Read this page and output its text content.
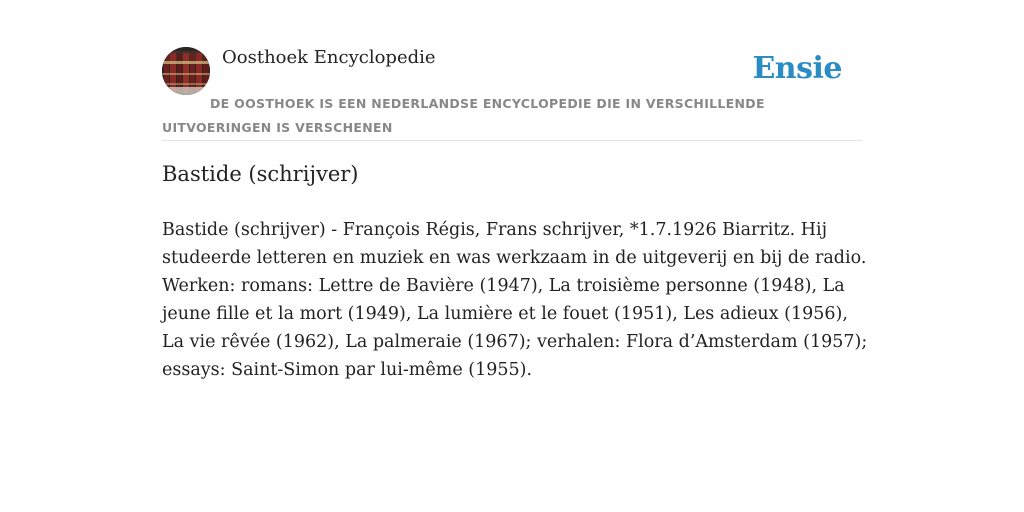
Oosthoek Encyclopedie	Ensie
DE OOSTHOEK IS EEN NEDERLANDSE ENCYCLOPEDIE DIE IN VERSCHILLENDE UITVOERINGEN IS VERSCHENEN
Bastide (schrijver)

Bastide (schrijver) - François Régis, Frans schrijver, *1.7.1926 Biarritz. Hij studeerde letteren en muziek en was werkzaam in de uitgeverij en bij de radio. Werken: romans: Lettre de Bavière (1947), La troisième personne (1948), La jeune fille et la mort (1949), La lumière et le fouet (1951), Les adieux (1956), La vie rêvée (1962), La palmeraie (1967); verhalen: Flora d’Amsterdam (1957); essays: Saint-Simon par lui-même (1955).
